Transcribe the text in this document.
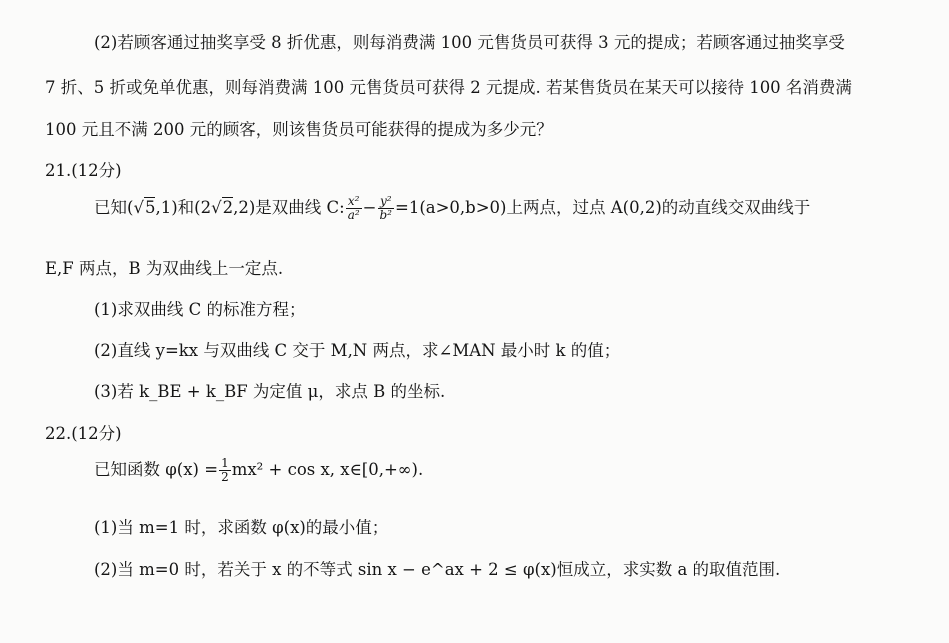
(2)若顾客通过抽奖享受 8 折优惠，则每消费满 100 元售货员可获得 3 元的提成；若顾客通过抽奖享受
7 折、5 折或免单优惠，则每消费满 100 元售货员可获得 2 元提成. 若某售货员在某天可以接待 100 名消费满
100 元且不满 200 元的顾客，则该售货员可能获得的提成为多少元？
21.(12分)
已知(√5,1)和(2√2,2)是双曲线 C: $\frac{\text{x²}}{\text{a²}} - \frac{\text{y²}}{\text{b²}} =1(a>0,b>0)$上两点，过点 A(0,2)的动直线交双曲线于
E,F 两点，B 为双曲线上一定点.
(1)求双曲线 C 的标准方程；
(2)直线 y=kx 与双曲线 C 交于 M,N 两点，求∠MAN 最小时 k 的值；
(3)若 k_BE + k_BF 为定值 μ，求点 B 的坐标.
22.(12分)
已知函数 $\varphi(x) = \frac{1}{2} mx^2 + \cos x$, x∈[0,+∞).
(1)当 m=1 时，求函数 φ(x)的最小值；
(2)当 m=0 时，若关于 x 的不等式 sin x − e^ax + 2 ≤ φ(x)恒成立，求实数 a 的取值范围.
